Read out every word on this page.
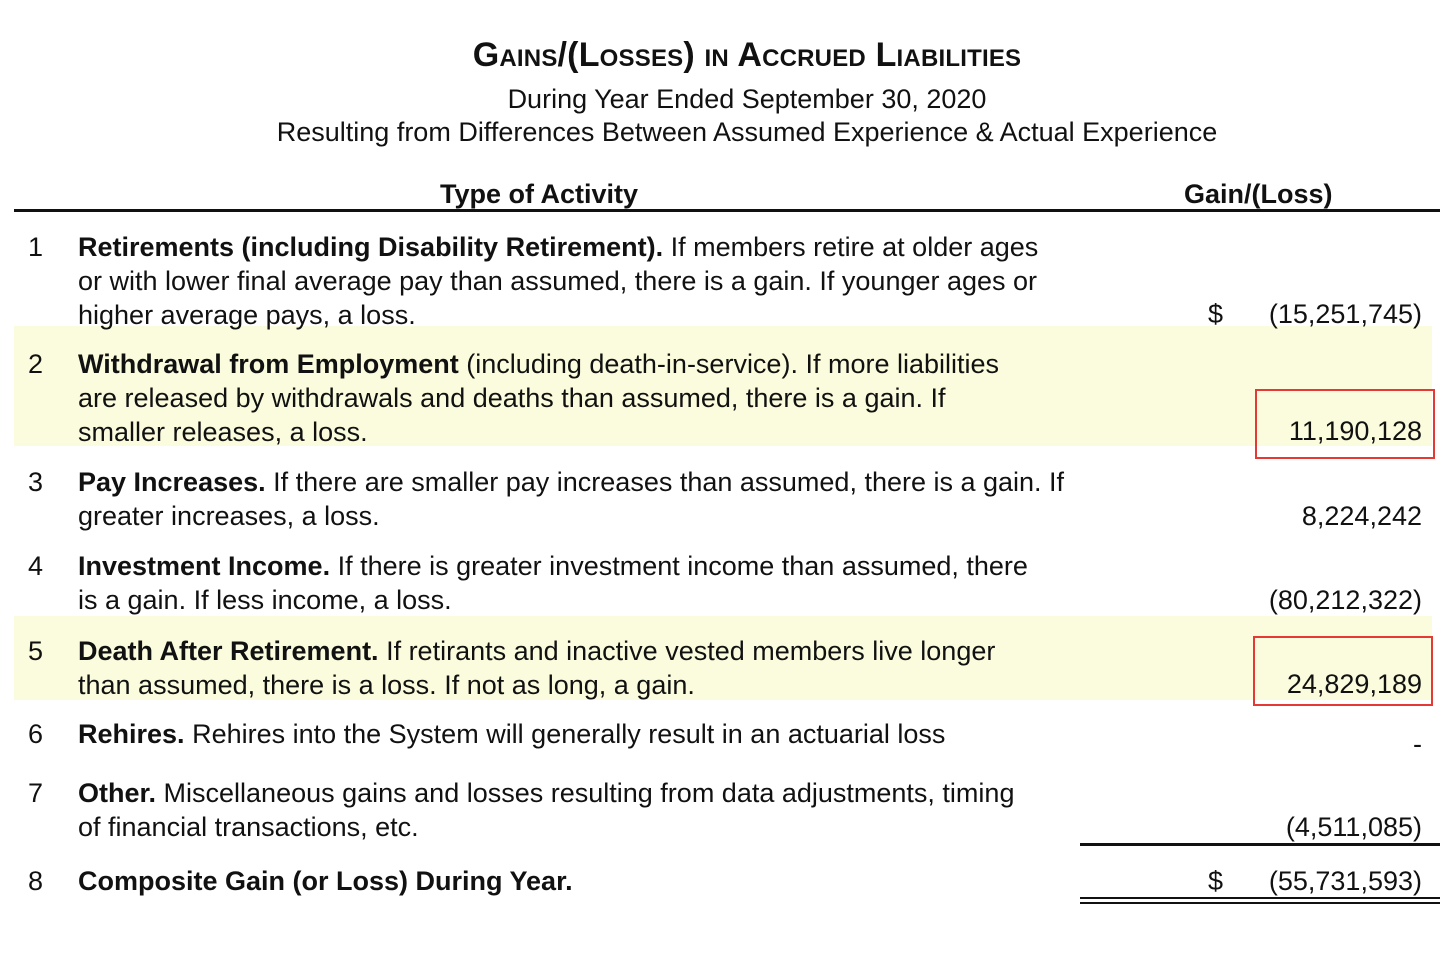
Gains/(Losses) in Accrued Liabilities
During Year Ended September 30, 2020
Resulting from Differences Between Assumed Experience & Actual Experience
Type of Activity	Gain/(Loss)
1 Retirements (including Disability Retirement). If members retire at older ages or with lower final average pay than assumed, there is a gain. If younger ages or higher average pays, a loss.	$ (15,251,745)
2 Withdrawal from Employment (including death-in-service). If more liabilities are released by withdrawals and deaths than assumed, there is a gain. If smaller releases, a loss.	11,190,128
3 Pay Increases. If there are smaller pay increases than assumed, there is a gain. If greater increases, a loss.	8,224,242
4 Investment Income. If there is greater investment income than assumed, there is a gain. If less income, a loss.	(80,212,322)
5 Death After Retirement. If retirants and inactive vested members live longer than assumed, there is a loss. If not as long, a gain.	24,829,189
6 Rehires. Rehires into the System will generally result in an actuarial loss	-
7 Other. Miscellaneous gains and losses resulting from data adjustments, timing of financial transactions, etc.	(4,511,085)
8 Composite Gain (or Loss) During Year.	$ (55,731,593)
